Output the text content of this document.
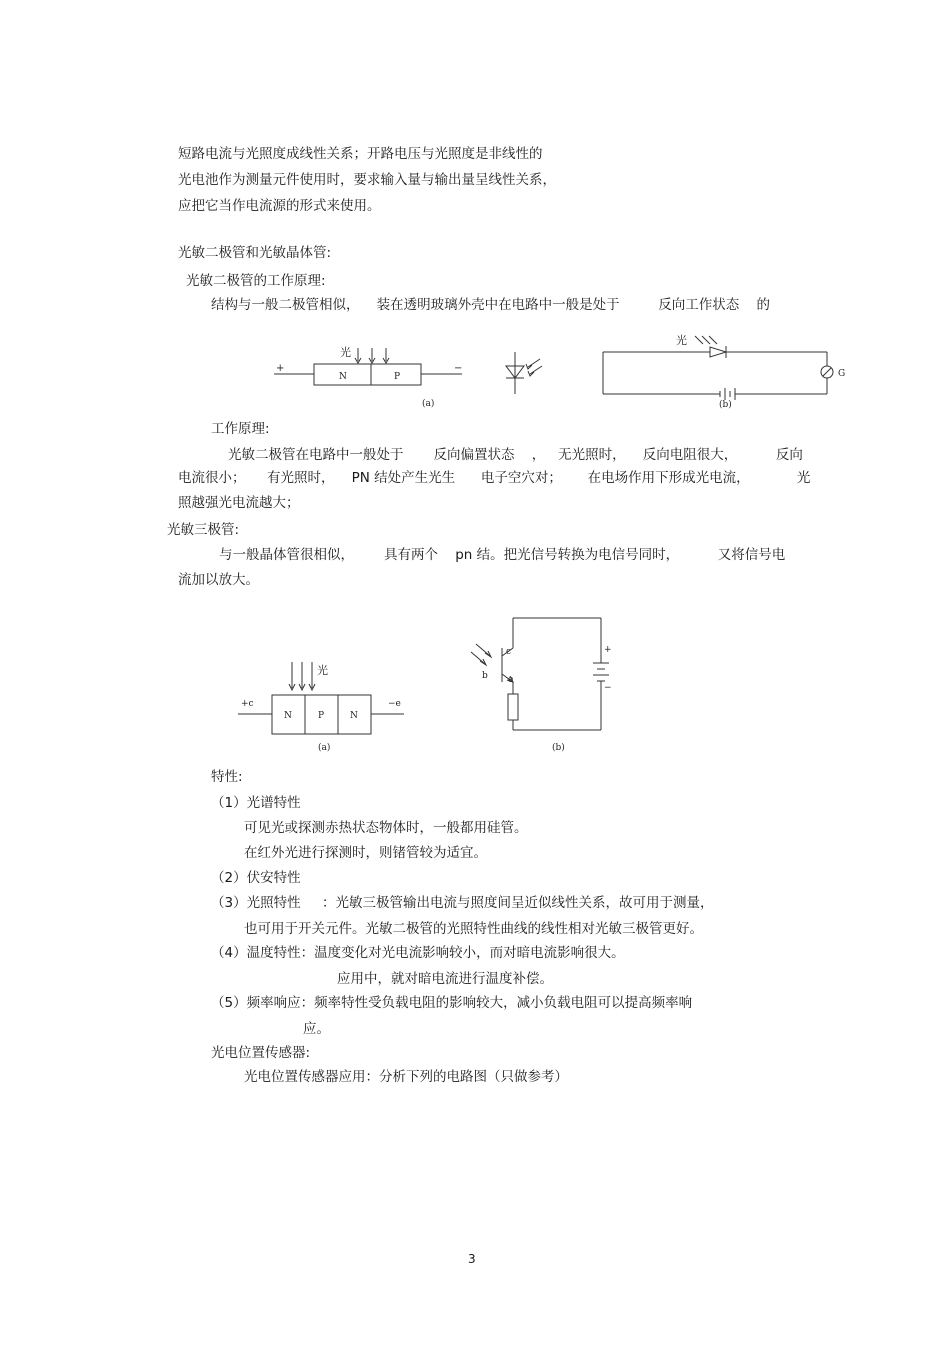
短路电流与光照度成线性关系；开路电压与光照度是非线性的
光电池作为测量元件使用时，要求输入量与输出量呈线性关系，
应把它当作电流源的形式来使用。
光敏二极管和光敏晶体管:
光敏二极管的工作原理:
结构与一般二极管相似，    装在透明玻璃外壳中在电路中一般是处于         反向工作状态    的
光
N	P
+	−
(a)
光
G
(b)
工作原理:
光敏二极管在电路中一般处于       反向偏置状态    ，   无光照时，    反向电阻很大，         反向
电流很小；     有光照时，    PN 结处产生光生      电子空穴对；      在电场作用下形成光电流，           光
照越强光电流越大；
光敏三极管:
与一般晶体管很相似，       具有两个    pn 结。把光信号转换为电信号同时，         又将信号电
流加以放大。
光
N	P	N
+c	−e
(a)
c
b e
+
−
(b)
特性:
（1）光谱特性
可见光或探测赤热状态物体时，一般都用硅管。
在红外光进行探测时，则锗管较为适宜。
（2）伏安特性
（3）光照特性     ：光敏三极管输出电流与照度间呈近似线性关系，故可用于测量，
也可用于开关元件。光敏二极管的光照特性曲线的线性相对光敏三极管更好。
（4）温度特性：温度变化对光电流影响较小，而对暗电流影响很大。
应用中，就对暗电流进行温度补偿。
（5）频率响应：频率特性受负载电阻的影响较大，减小负载电阻可以提高频率响
应。
光电位置传感器:
光电位置传感器应用：分析下列的电路图（只做参考）
3
